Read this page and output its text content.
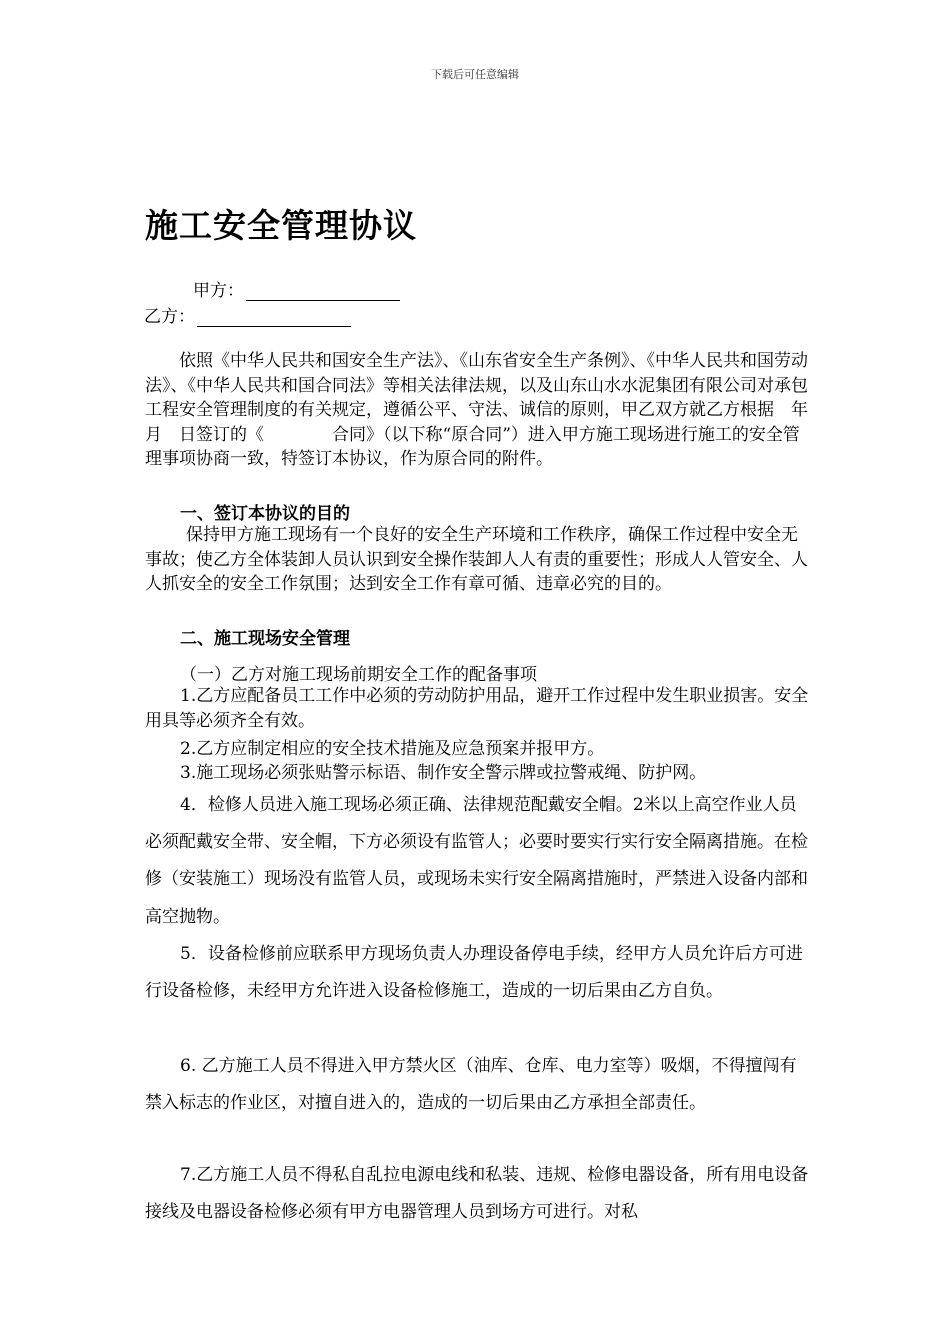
下载后可任意编辑
施工安全管理协议
甲方：
乙方：

依照《中华人民共和国安全生产法》、《山东省安全生产条例》、《中华人民共和国劳动法》、《中华人民共和国合同法》等相关法律法规，以及山东山水水泥集团有限公司对承包工程安全管理制度的有关规定，遵循公平、守法、诚信的原则，甲乙双方就乙方根据　年　月　日签订的《　　　　合同》（以下称“原合同”）进入甲方施工现场进行施工的安全管理事项协商一致，特签订本协议，作为原合同的附件。

一、签订本协议的目的

保持甲方施工现场有一个良好的安全生产环境和工作秩序，确保工作过程中安全无事故；使乙方全体装卸人员认识到安全操作装卸人人有责的重要性；形成人人管安全、人人抓安全的安全工作氛围；达到安全工作有章可循、违章必究的目的。

二、施工现场安全管理

（一）乙方对施工现场前期安全工作的配备事项

1.乙方应配备员工工作中必须的劳动防护用品，避开工作过程中发生职业损害。安全用具等必须齐全有效。

2.乙方应制定相应的安全技术措施及应急预案并报甲方。

3.施工现场必须张贴警示标语、制作安全警示牌或拉警戒绳、防护网。

4．检修人员进入施工现场必须正确、法律规范配戴安全帽。2米以上高空作业人员必须配戴安全带、安全帽，下方必须设有监管人；必要时要实行实行安全隔离措施。在检修（安装施工）现场没有监管人员，或现场未实行安全隔离措施时，严禁进入设备内部和高空抛物。

5．设备检修前应联系甲方现场负责人办理设备停电手续，经甲方人员允许后方可进行设备检修，未经甲方允许进入设备检修施工，造成的一切后果由乙方自负。

6. 乙方施工人员不得进入甲方禁火区（油库、仓库、电力室等）吸烟，不得擅闯有禁入标志的作业区，对擅自进入的，造成的一切后果由乙方承担全部责任。

7.乙方施工人员不得私自乱拉电源电线和私装、违规、检修电器设备，所有用电设备接线及电器设备检修必须有甲方电器管理人员到场方可进行。对私
